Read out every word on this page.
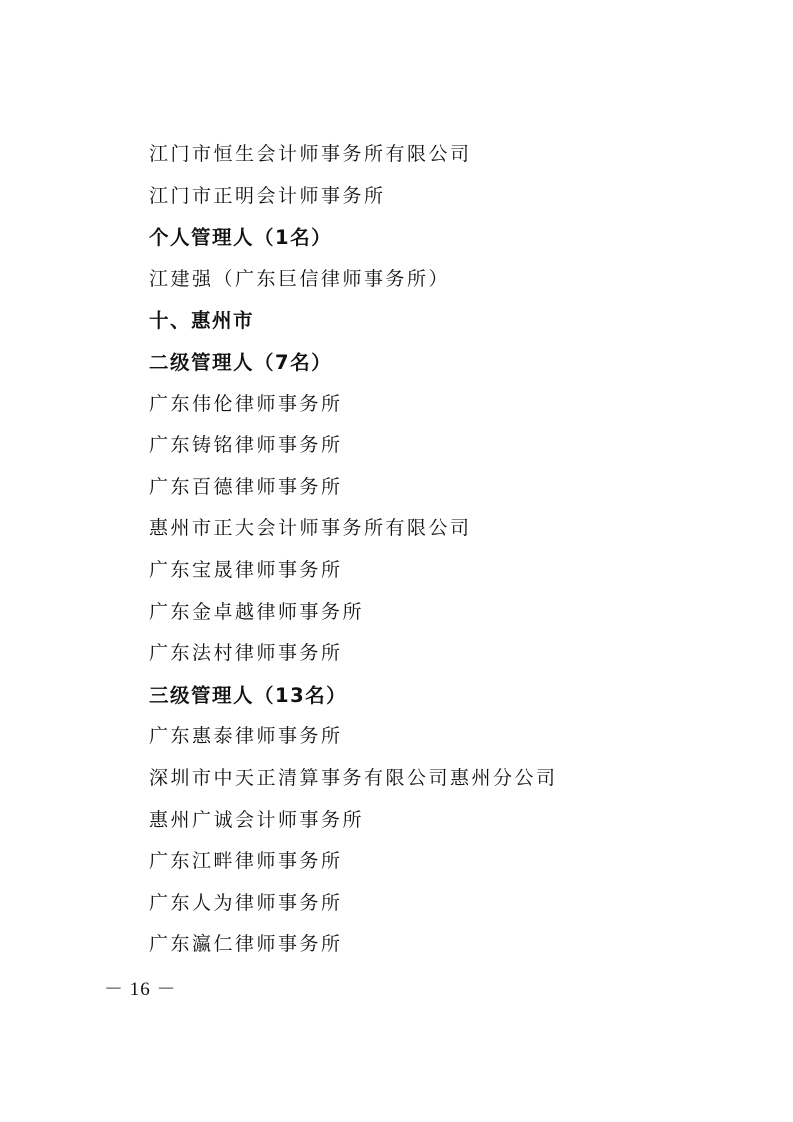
江门市恒生会计师事务所有限公司
江门市正明会计师事务所
个人管理人（1名）
江建强（广东巨信律师事务所）
十、惠州市
二级管理人（7名）
广东伟伦律师事务所
广东铸铭律师事务所
广东百德律师事务所
惠州市正大会计师事务所有限公司
广东宝晟律师事务所
广东金卓越律师事务所
广东法村律师事务所
三级管理人（13名）
广东惠泰律师事务所
深圳市中天正清算事务有限公司惠州分公司
惠州广诚会计师事务所
广东江畔律师事务所
广东人为律师事务所
广东瀛仁律师事务所
－ 16 －
